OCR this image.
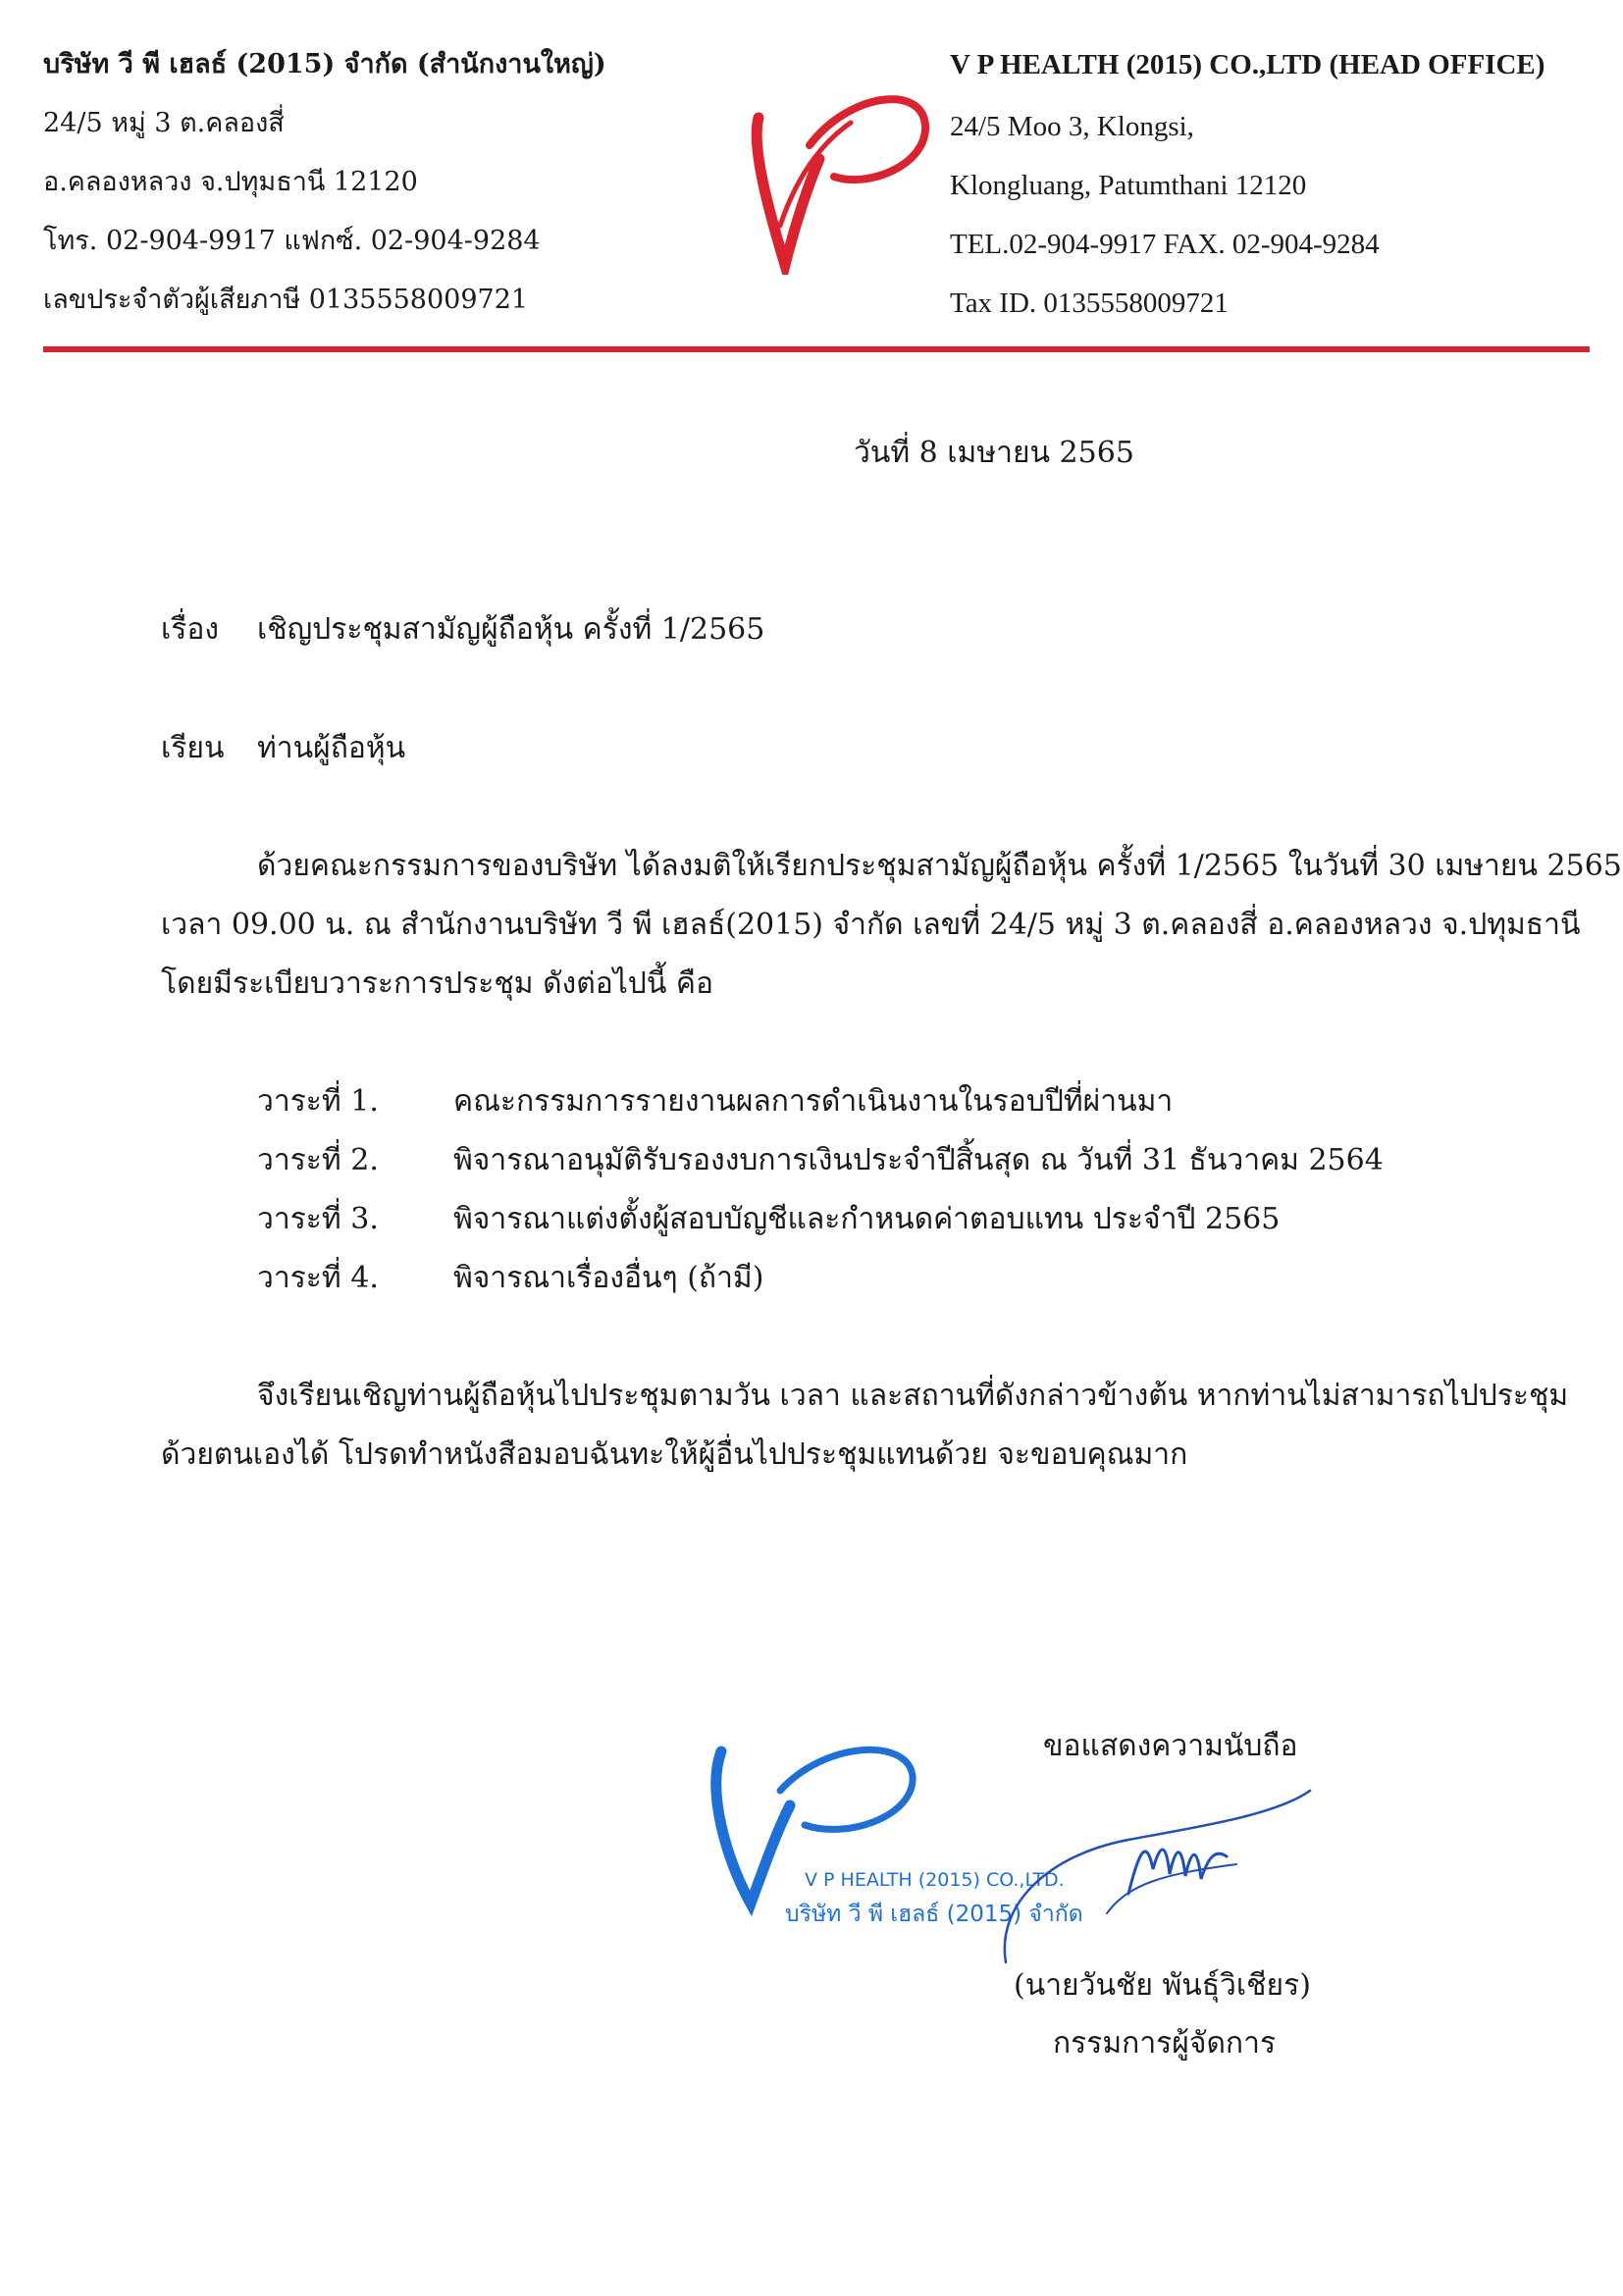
บริษัท วี พี เฮลธ์ (2015) จำกัด (สำนักงานใหญ่)
24/5 หมู่ 3 ต.คลองสี่
อ.คลองหลวง จ.ปทุมธานี 12120
โทร. 02-904-9917 แฟกซ์. 02-904-9284
เลขประจำตัวผู้เสียภาษี 0135558009721
V P HEALTH (2015) CO.,LTD (HEAD OFFICE)
24/5 Moo 3, Klongsi,
Klongluang, Patumthani 12120
TEL.02-904-9917 FAX. 02-904-9284
Tax ID. 0135558009721
วันที่ 8 เมษายน 2565
เรื่อง เชิญประชุมสามัญผู้ถือหุ้น ครั้งที่ 1/2565
เรียน ท่านผู้ถือหุ้น
ด้วยคณะกรรมการของบริษัท ได้ลงมติให้เรียกประชุมสามัญผู้ถือหุ้น ครั้งที่ 1/2565 ในวันที่ 30 เมษายน 2565
เวลา 09.00 น. ณ สำนักงานบริษัท วี พี เฮลธ์(2015) จำกัด เลขที่ 24/5 หมู่ 3 ต.คลองสี่ อ.คลองหลวง จ.ปทุมธานี
โดยมีระเบียบวาระการประชุม ดังต่อไปนี้ คือ
วาระที่ 1.	คณะกรรมการรายงานผลการดำเนินงานในรอบปีที่ผ่านมา
วาระที่ 2.	พิจารณาอนุมัติรับรองงบการเงินประจำปีสิ้นสุด ณ วันที่ 31 ธันวาคม 2564
วาระที่ 3.	พิจารณาแต่งตั้งผู้สอบบัญชีและกำหนดค่าตอบแทน ประจำปี 2565
วาระที่ 4.	พิจารณาเรื่องอื่นๆ (ถ้ามี)
จึงเรียนเชิญท่านผู้ถือหุ้นไปประชุมตามวัน เวลา และสถานที่ดังกล่าวข้างต้น หากท่านไม่สามารถไปประชุม
ด้วยตนเองได้ โปรดทำหนังสือมอบฉันทะให้ผู้อื่นไปประชุมแทนด้วย จะขอบคุณมาก
ขอแสดงความนับถือ
V P HEALTH (2015) CO.,LTD.
บริษัท วี พี เฮลธ์ (2015) จำกัด
(นายวันชัย พันธุ์วิเชียร)
กรรมการผู้จัดการ
